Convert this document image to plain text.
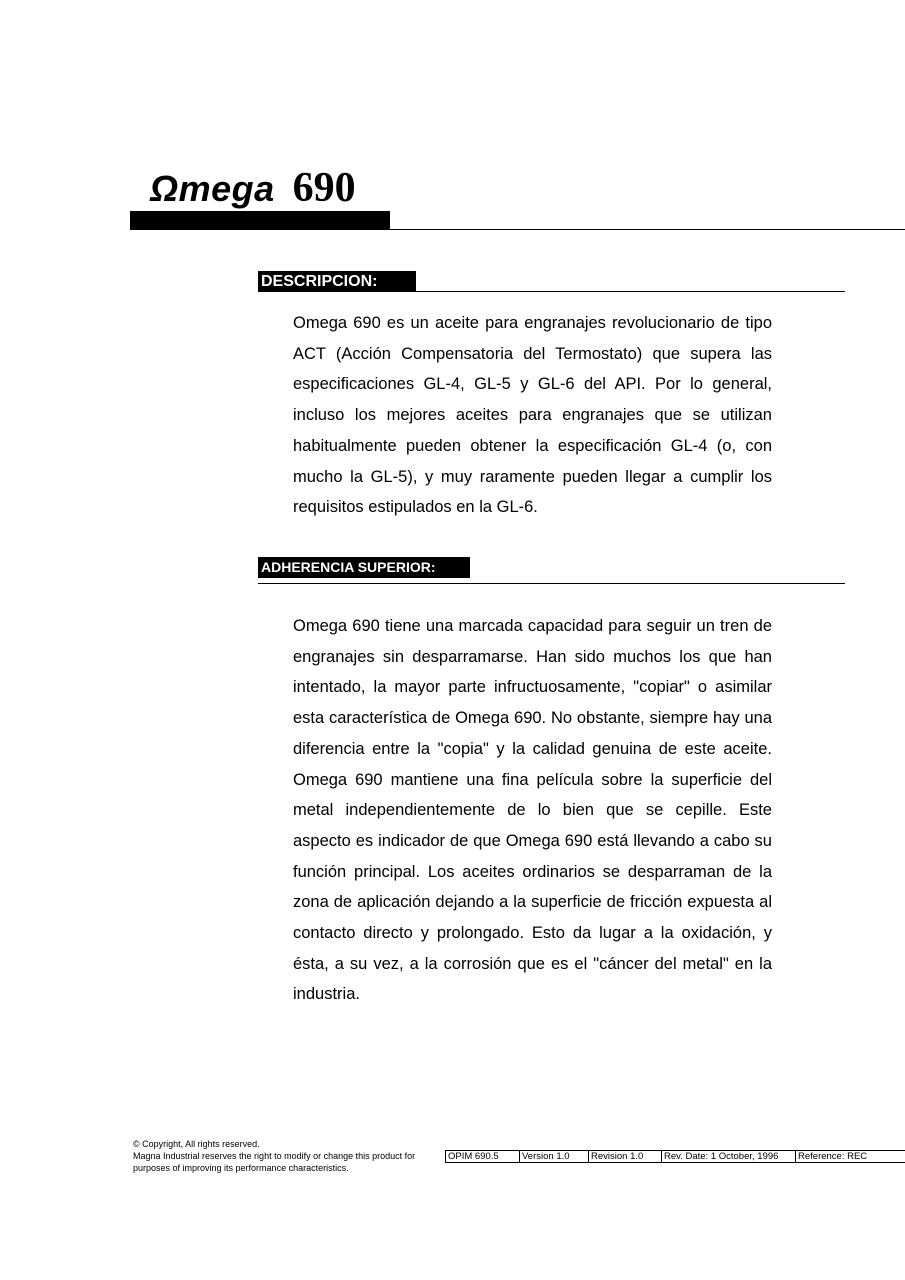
Ωmega 690
DESCRIPCION:

Omega 690 es un aceite para engranajes revolucionario de tipo ACT (Acción Compensatoria del Termostato) que supera las especificaciones GL-4, GL-5 y GL-6 del API. Por lo general, incluso los mejores aceites para engranajes que se utilizan habitualmente pueden obtener la especificación GL-4 (o, con mucho la GL-5), y muy raramente pueden llegar a cumplir los requisitos estipulados en la GL-6.

ADHERENCIA SUPERIOR:

Omega 690 tiene una marcada capacidad para seguir un tren de engranajes sin desparramarse. Han sido muchos los que han intentado, la mayor parte infructuosamente, "copiar" o asimilar esta característica de Omega 690. No obstante, siempre hay una diferencia entre la "copia" y la calidad genuina de este aceite. Omega 690 mantiene una fina película sobre la superficie del metal independientemente de lo bien que se cepille. Este aspecto es indicador de que Omega 690 está llevando a cabo su función principal. Los aceites ordinarios se desparraman de la zona de aplicación dejando a la superficie de fricción expuesta al contacto directo y prolongado. Esto da lugar a la oxidación, y ésta, a su vez, a la corrosión que es el "cáncer del metal" en la industria.

© Copyright, All rights reserved.
Magna Industrial reserves the right to modify or change this product for purposes of improving its performance characteristics.
OPIM 690.5	Version 1.0	Revision 1.0	Rev. Date: 1 October, 1996	Reference: REC
